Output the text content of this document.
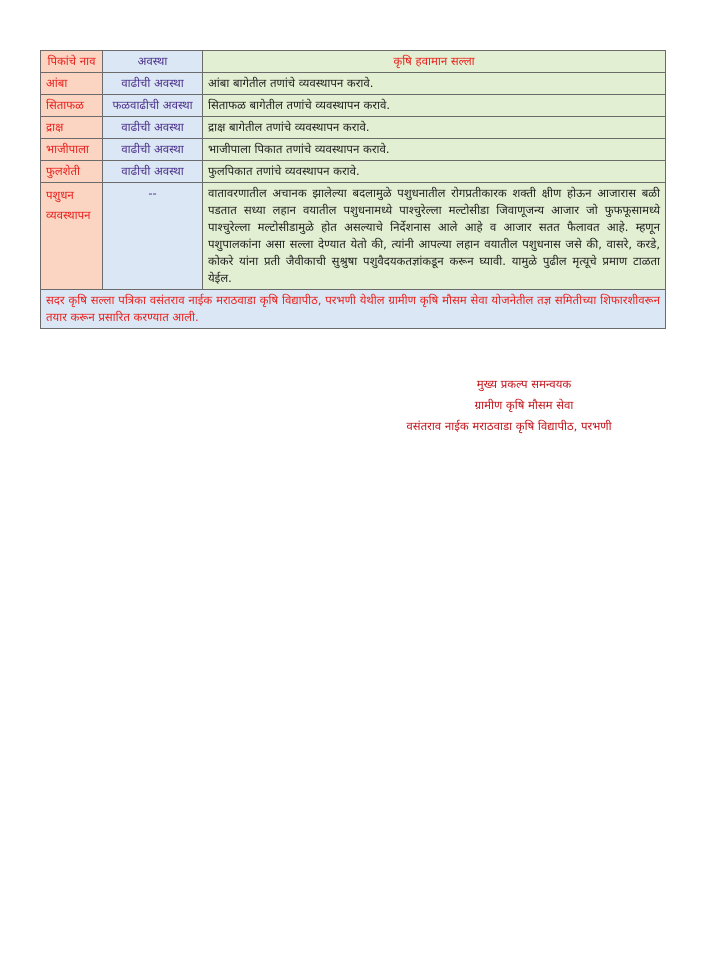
पिकांचे नाव	अवस्था	कृषि हवामान सल्ला
आंबा	वाढीची अवस्था	आंबा बागेतील तणांचे व्यवस्थापन करावे.
सिताफळ	फळवाढीची अवस्था	सिताफळ बागेतील तणांचे व्यवस्थापन करावे.
द्राक्ष	वाढीची अवस्था	द्राक्ष बागेतील तणांचे व्यवस्थापन करावे.
भाजीपाला	वाढीची अवस्था	भाजीपाला पिकात तणांचे व्यवस्थापन करावे.
फुलशेती	वाढीची अवस्था	फुलपिकात तणांचे व्यवस्थापन करावे.
पशुधन व्यवस्थापन	--	वातावरणातील अचानक झालेल्या बदलामुळे पशुधनातील रोगप्रतीकारक शक्ती क्षीण होऊन आजारास बळी पडतात सध्या लहान वयातील पशुधनामध्ये पाश्चुरेल्ला मल्टोसीडा जिवाणूजन्य आजार जो फुफफूसामध्ये पाश्चुरेल्ला मल्टोसीडामुळे होत असल्याचे निर्देशनास आले आहे व आजार सतत फैलावत आहे. म्हणून पशुपालकांना असा सल्ला देण्यात येतो की, त्यांनी आपल्या लहान वयातील पशुधनास जसे की, वासरे, करडे, कोकरे यांना प्रती जैवीकाची सुश्रुषा पशुवैदयकतज्ञांकडून करून घ्यावी. यामुळे पुढील मृत्यूचे प्रमाण टाळता येईल.
सदर कृषि सल्ला पत्रिका वसंतराव नाईक मराठवाडा कृषि विद्यापीठ, परभणी येथील ग्रामीण कृषि मौसम सेवा योजनेतील तज्ञ समितीच्या शिफारशीवरून तयार करून प्रसारित करण्यात आली.		
मुख्य प्रकल्प समन्वयक
ग्रामीण कृषि मौसम सेवा
वसंतराव नाईक मराठवाडा कृषि विद्यापीठ, परभणी
